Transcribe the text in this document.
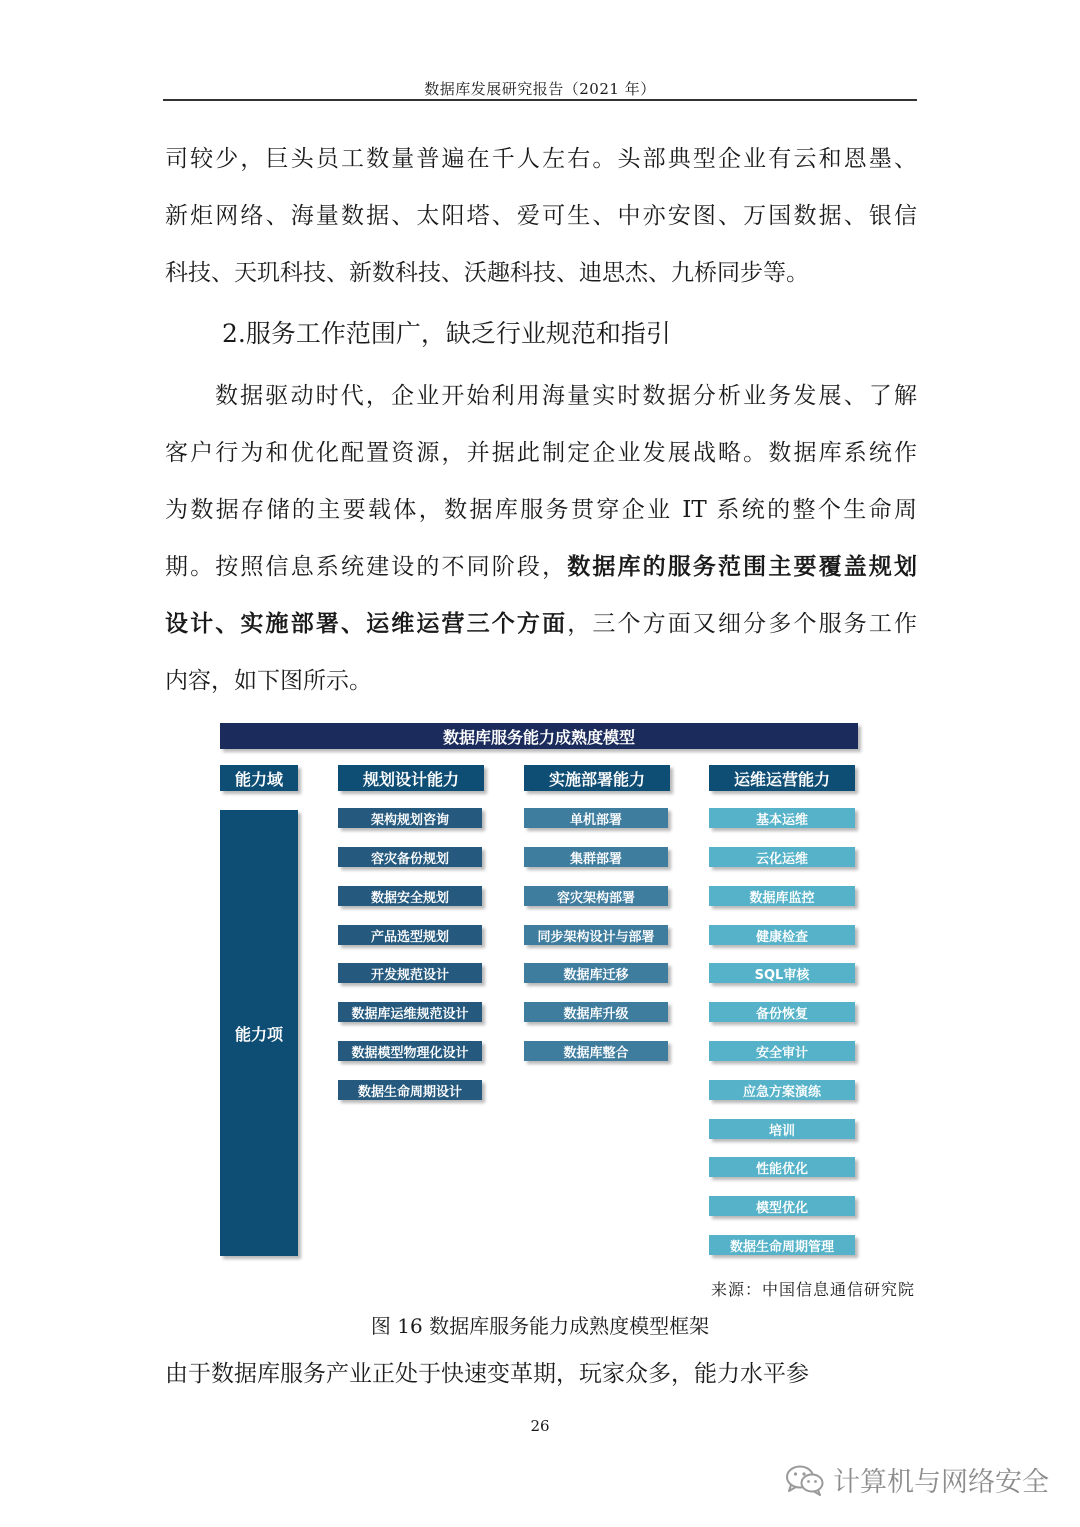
数据库发展研究报告（2021 年）
司较少，巨头员工数量普遍在千人左右。头部典型企业有云和恩墨、
新炬网络、海量数据、太阳塔、爱可生、中亦安图、万国数据、银信
科技、天玑科技、新数科技、沃趣科技、迪思杰、九桥同步等。
2.服务工作范围广，缺乏行业规范和指引
数据驱动时代，企业开始利用海量实时数据分析业务发展、了解
客户行为和优化配置资源，并据此制定企业发展战略。数据库系统作
为数据存储的主要载体，数据库服务贯穿企业 IT 系统的整个生命周
期。按照信息系统建设的不同阶段，数据库的服务范围主要覆盖规划
设计、实施部署、运维运营三个方面，三个方面又细分多个服务工作
内容，如下图所示。
数据库服务能力成熟度模型
能力域
能力项
规划设计能力	实施部署能力	运维运营能力
架构规划咨询
容灾备份规划
数据安全规划
产品选型规划
开发规范设计
数据库运维规范设计
数据模型物理化设计
数据生命周期设计
单机部署
集群部署
容灾架构部署
同步架构设计与部署
数据库迁移
数据库升级
数据库整合
基本运维
云化运维
数据库监控
健康检查
SQL审核
备份恢复
安全审计
应急方案演练
培训
性能优化
模型优化
数据生命周期管理
来源：中国信息通信研究院
图 16 数据库服务能力成熟度模型框架
由于数据库服务产业正处于快速变革期，玩家众多，能力水平参
26
计算机与网络安全
